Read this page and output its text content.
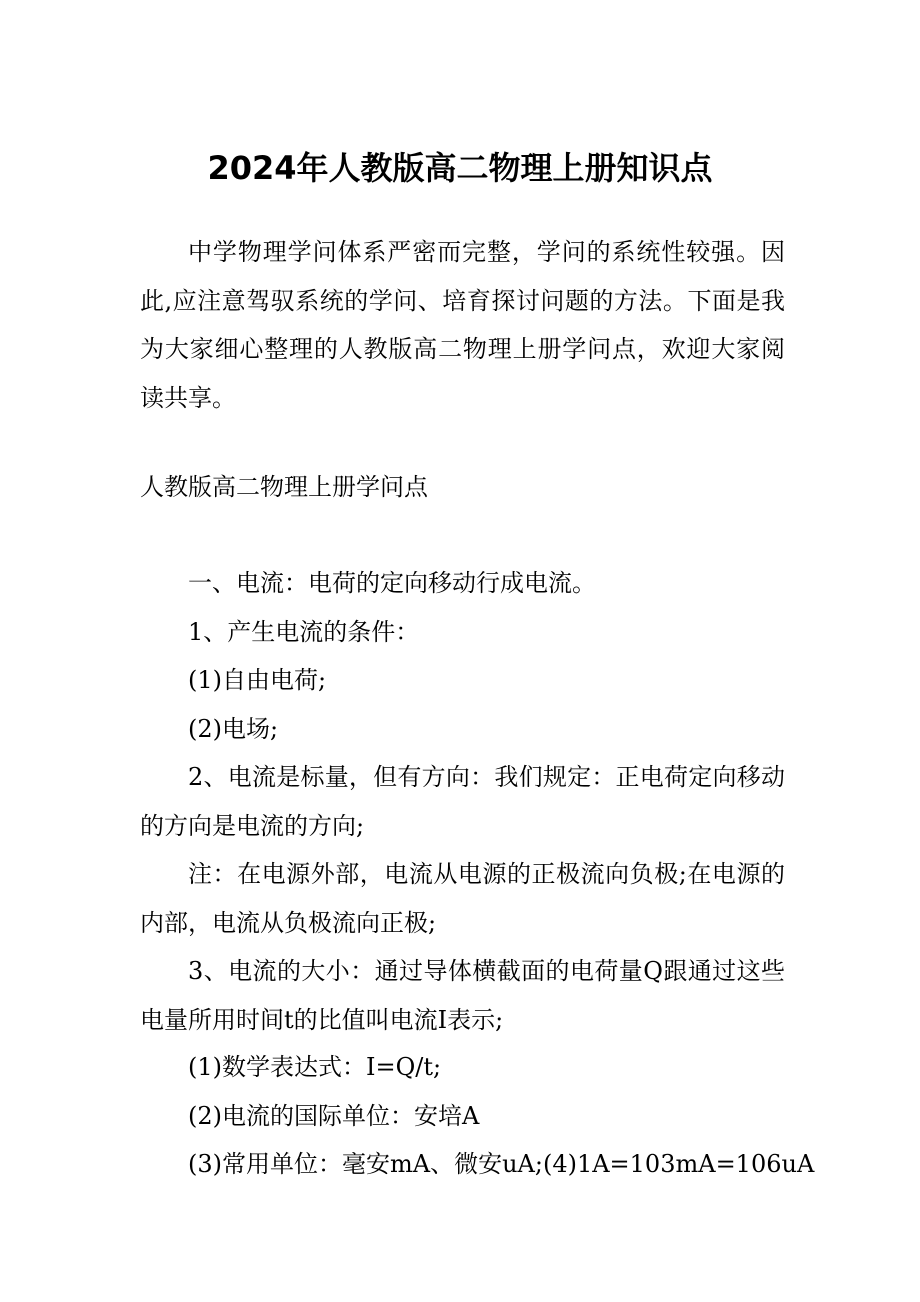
2024年人教版高二物理上册知识点
中学物理学问体系严密而完整，学问的系统性较强。因此,应注意驾驭系统的学问、培育探讨问题的方法。下面是我为大家细心整理的人教版高二物理上册学问点，欢迎大家阅读共享。
人教版高二物理上册学问点
一、电流：电荷的定向移动行成电流。
1、产生电流的条件：
(1)自由电荷;
(2)电场;
2、电流是标量，但有方向：我们规定：正电荷定向移动的方向是电流的方向;
注：在电源外部，电流从电源的正极流向负极;在电源的内部，电流从负极流向正极;
3、电流的大小：通过导体横截面的电荷量Q跟通过这些电量所用时间t的比值叫电流I表示;
(1)数学表达式：I=Q/t;
(2)电流的国际单位：安培A
(3)常用单位：毫安mA、微安uA;(4)1A=103mA=106uA
